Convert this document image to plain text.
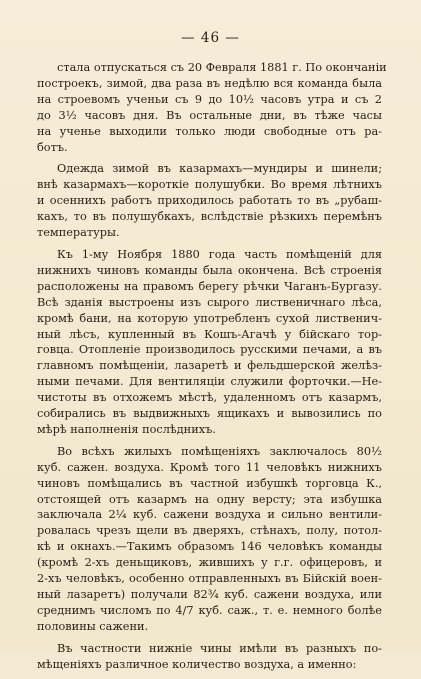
— 46 —
стала отпускаться съ 20 Февраля 1881 г. По окончаніи
построекъ, зимой, два раза въ недѣлю вся команда была
на строевомъ ученьи съ 9 до 10½ часовъ утра и съ 2
до 3½ часовъ дня. Въ остальные дни, въ тѣже часы
на ученье выходили только люди свободные отъ ра-
ботъ.
Одежда зимой въ казармахъ—мундиры и шинели;
внѣ казармахъ—короткіе полушубки. Во время лѣтнихъ
и осеннихъ работъ приходилось работать то въ „рубаш-
кахъ, то въ полушубкахъ, вслѣдствіе рѣзкихъ перемѣнъ
температуры.
Къ 1-му Ноября 1880 года часть помѣщеній для
нижнихъ чиновъ команды была окончена. Всѣ строенія
расположены на правомъ берегу рѣчки Чаганъ-Бургазу.
Всѣ зданія выстроены изъ сырого лиственичнаго лѣса,
кромѣ бани, на которую употребленъ сухой лиственич-
ный лѣсъ, купленный въ Кошъ-Агачѣ у бійскаго тор-
говца. Отопленіе производилось русскими печами, а въ
главномъ помѣщеніи, лазаретѣ и фельдшерской желѣз-
ными печами. Для вентиляціи служили форточки.—Не-
чистоты въ отхожемъ мѣстѣ, удаленномъ отъ казармъ,
собирались въ выдвижныхъ ящикахъ и вывозились по
мѣрѣ наполненія послѣднихъ.
Во всѣхъ жилыхъ помѣщеніяхъ заключалось 80½
куб. сажен. воздуха. Кромѣ того 11 человѣкъ нижнихъ
чиновъ помѣщались въ частной избушкѣ торговца К.,
отстоящей отъ казармъ на одну версту; эта избушка
заключала 2¼ куб. сажени воздуха и сильно вентили-
ровалась чрезъ щели въ дверяхъ, стѣнахъ, полу, потол-
кѣ и окнахъ.—Такимъ образомъ 146 человѣкъ команды
(кромѣ 2-хъ деньщиковъ, жившихъ у г.г. офицеровъ, и
2-хъ человѣкъ, особенно отправленныхъ въ Бійскій воен-
ный лазаретъ) получали 82¾ куб. сажени воздуха, или
среднимъ числомъ по 4/7 куб. саж., т. е. немного болѣе
половины сажени.
Въ частности нижніе чины имѣли въ разныхъ по-
мѣщеніяхъ различное количество воздуха, а именно:
